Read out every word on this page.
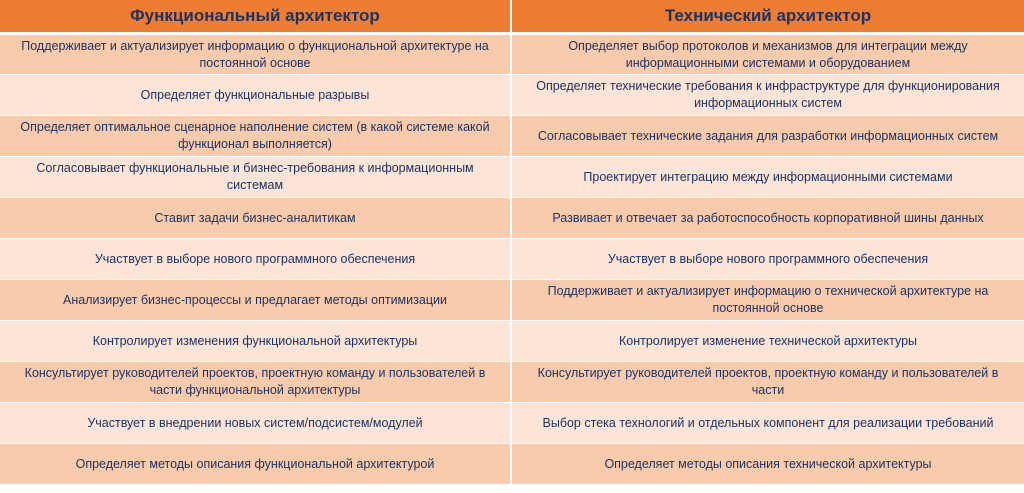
Функциональный архитектор	Технический архитектор
Поддерживает и актуализирует информацию о функциональной архитектуре на постоянной основе	Определяет выбор протоколов и механизмов для интеграции между информационными системами и оборудованием
Определяет функциональные разрывы	Определяет технические требования к инфраструктуре для функционирования информационных систем
Определяет оптимальное сценарное наполнение систем (в какой системе какой функционал выполняется)	Согласовывает технические задания для разработки информационных систем
Согласовывает функциональные и бизнес-требования к информационным системам	Проектирует интеграцию между информационными системами
Ставит задачи бизнес-аналитикам	Развивает и отвечает за работоспособность корпоративной шины данных
Участвует в выборе нового программного обеспечения	Участвует в выборе нового программного обеспечения
Анализирует бизнес-процессы и предлагает методы оптимизации	Поддерживает и актуализирует информацию о технической архитектуре на постоянной основе
Контролирует изменения функциональной архитектуры	Контролирует изменение технической архитектуры
Консультирует руководителей проектов, проектную команду и пользователей в части функциональной архитектуры	Консультирует руководителей проектов, проектную команду и пользователей в части
Участвует в внедрении новых систем/подсистем/модулей	Выбор стека технологий и отдельных компонент для реализации требований
Определяет методы описания функциональной архитектурой	Определяет методы описания технической архитектуры
